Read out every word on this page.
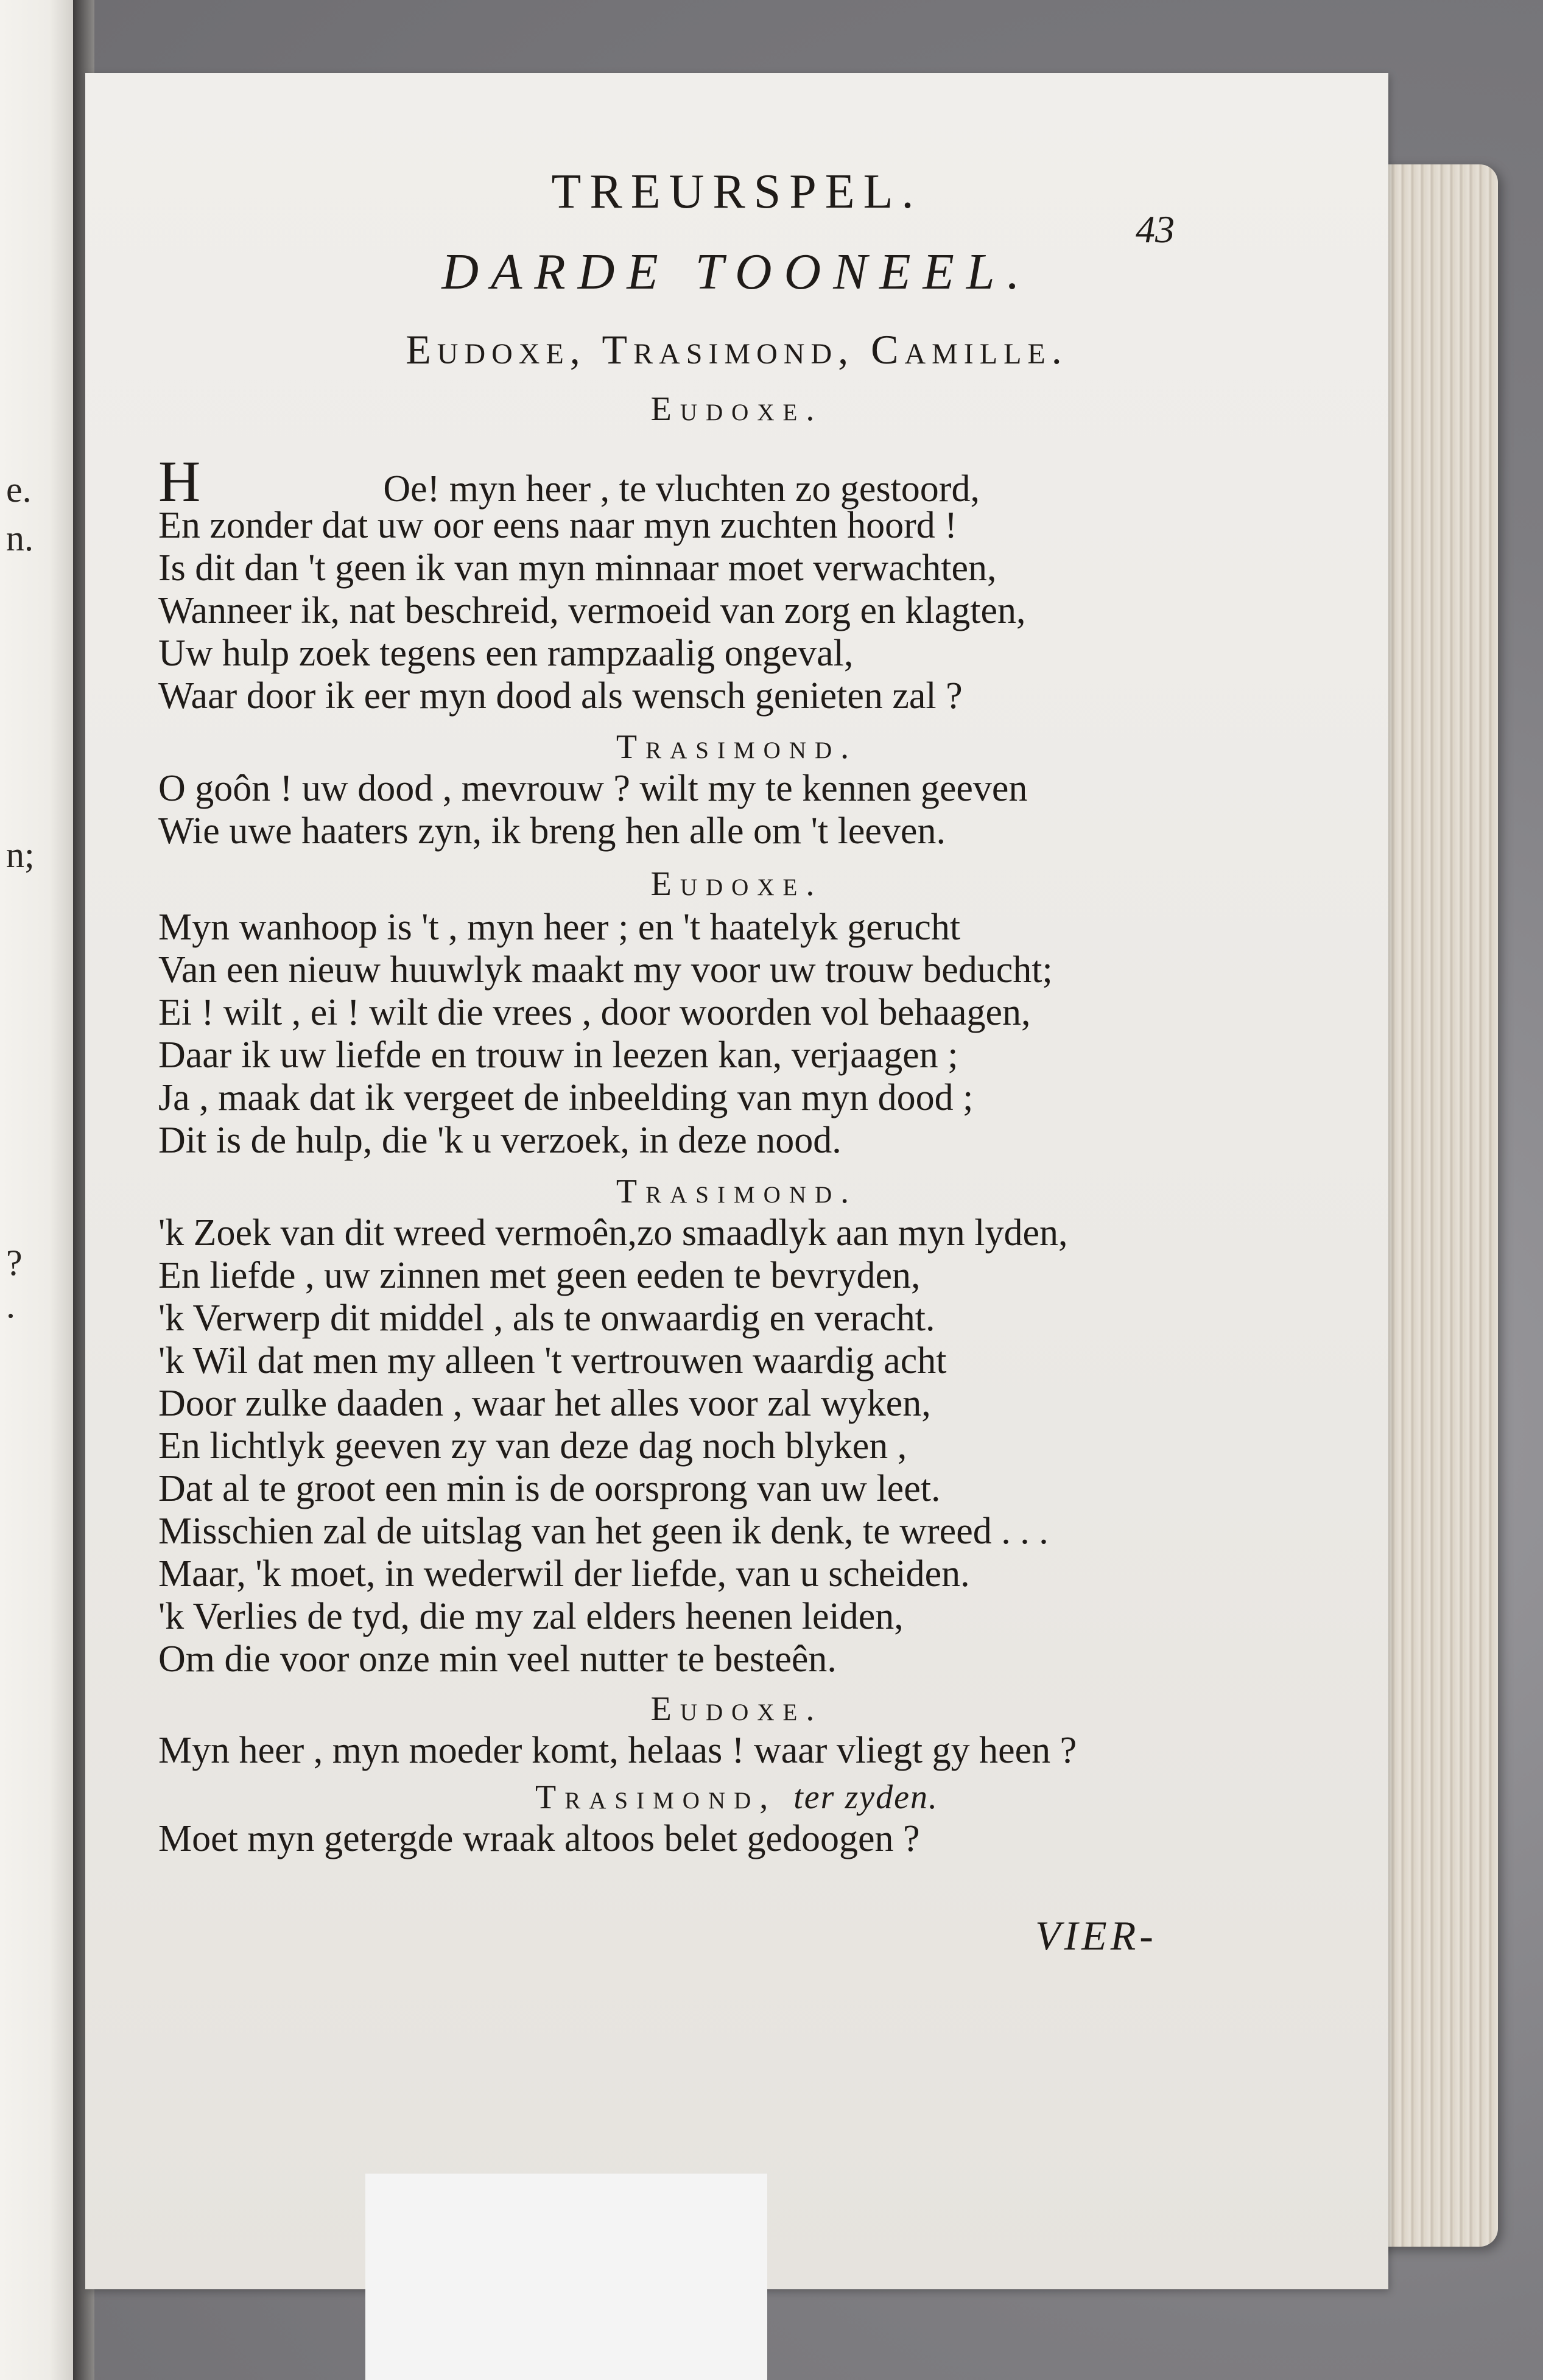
e.
n.
n;
?
.
TREURSPEL.
43
DARDE TOONEEL.
Eudoxe, Trasimond, Camille.
Eudoxe.
H	Oe! myn heer , te vluchten zo gestoord,
En zonder dat uw oor eens naar myn zuchten hoord !
Is dit dan 't geen ik van myn minnaar moet verwachten,
Wanneer ik, nat beschreid, vermoeid van zorg en klagten,
Uw hulp zoek tegens een rampzaalig ongeval,
Waar door ik eer myn dood als wensch genieten zal ?
Trasimond.
O goôn ! uw dood , mevrouw ? wilt my te kennen geeven
Wie uwe haaters zyn, ik breng hen alle om 't leeven.
Eudoxe.
Myn wanhoop is 't , myn heer ; en 't haatelyk gerucht
Van een nieuw huuwlyk maakt my voor uw trouw beducht;
Ei ! wilt , ei ! wilt die vrees , door woorden vol behaagen,
Daar ik uw liefde en trouw in leezen kan, verjaagen ;
Ja , maak dat ik vergeet de inbeelding van myn dood ;
Dit is de hulp, die 'k u verzoek, in deze nood.
Trasimond.
'k Zoek van dit wreed vermoên,zo smaadlyk aan myn lyden,
En liefde , uw zinnen met geen eeden te bevryden,
'k Verwerp dit middel , als te onwaardig en veracht.
'k Wil dat men my alleen 't vertrouwen waardig acht
Door zulke daaden , waar het alles voor zal wyken,
En lichtlyk geeven zy van deze dag noch blyken ,
Dat al te groot een min is de oorsprong van uw leet.
Misschien zal de uitslag van het geen ik denk, te wreed . . .
Maar, 'k moet, in wederwil der liefde, van u scheiden.
'k Verlies de tyd, die my zal elders heenen leiden,
Om die voor onze min veel nutter te besteên.
Eudoxe.
Myn heer , myn moeder komt, helaas ! waar vliegt gy heen ?
Trasimond, ter zyden.
Moet myn getergde wraak altoos belet gedoogen ?
VIER-
